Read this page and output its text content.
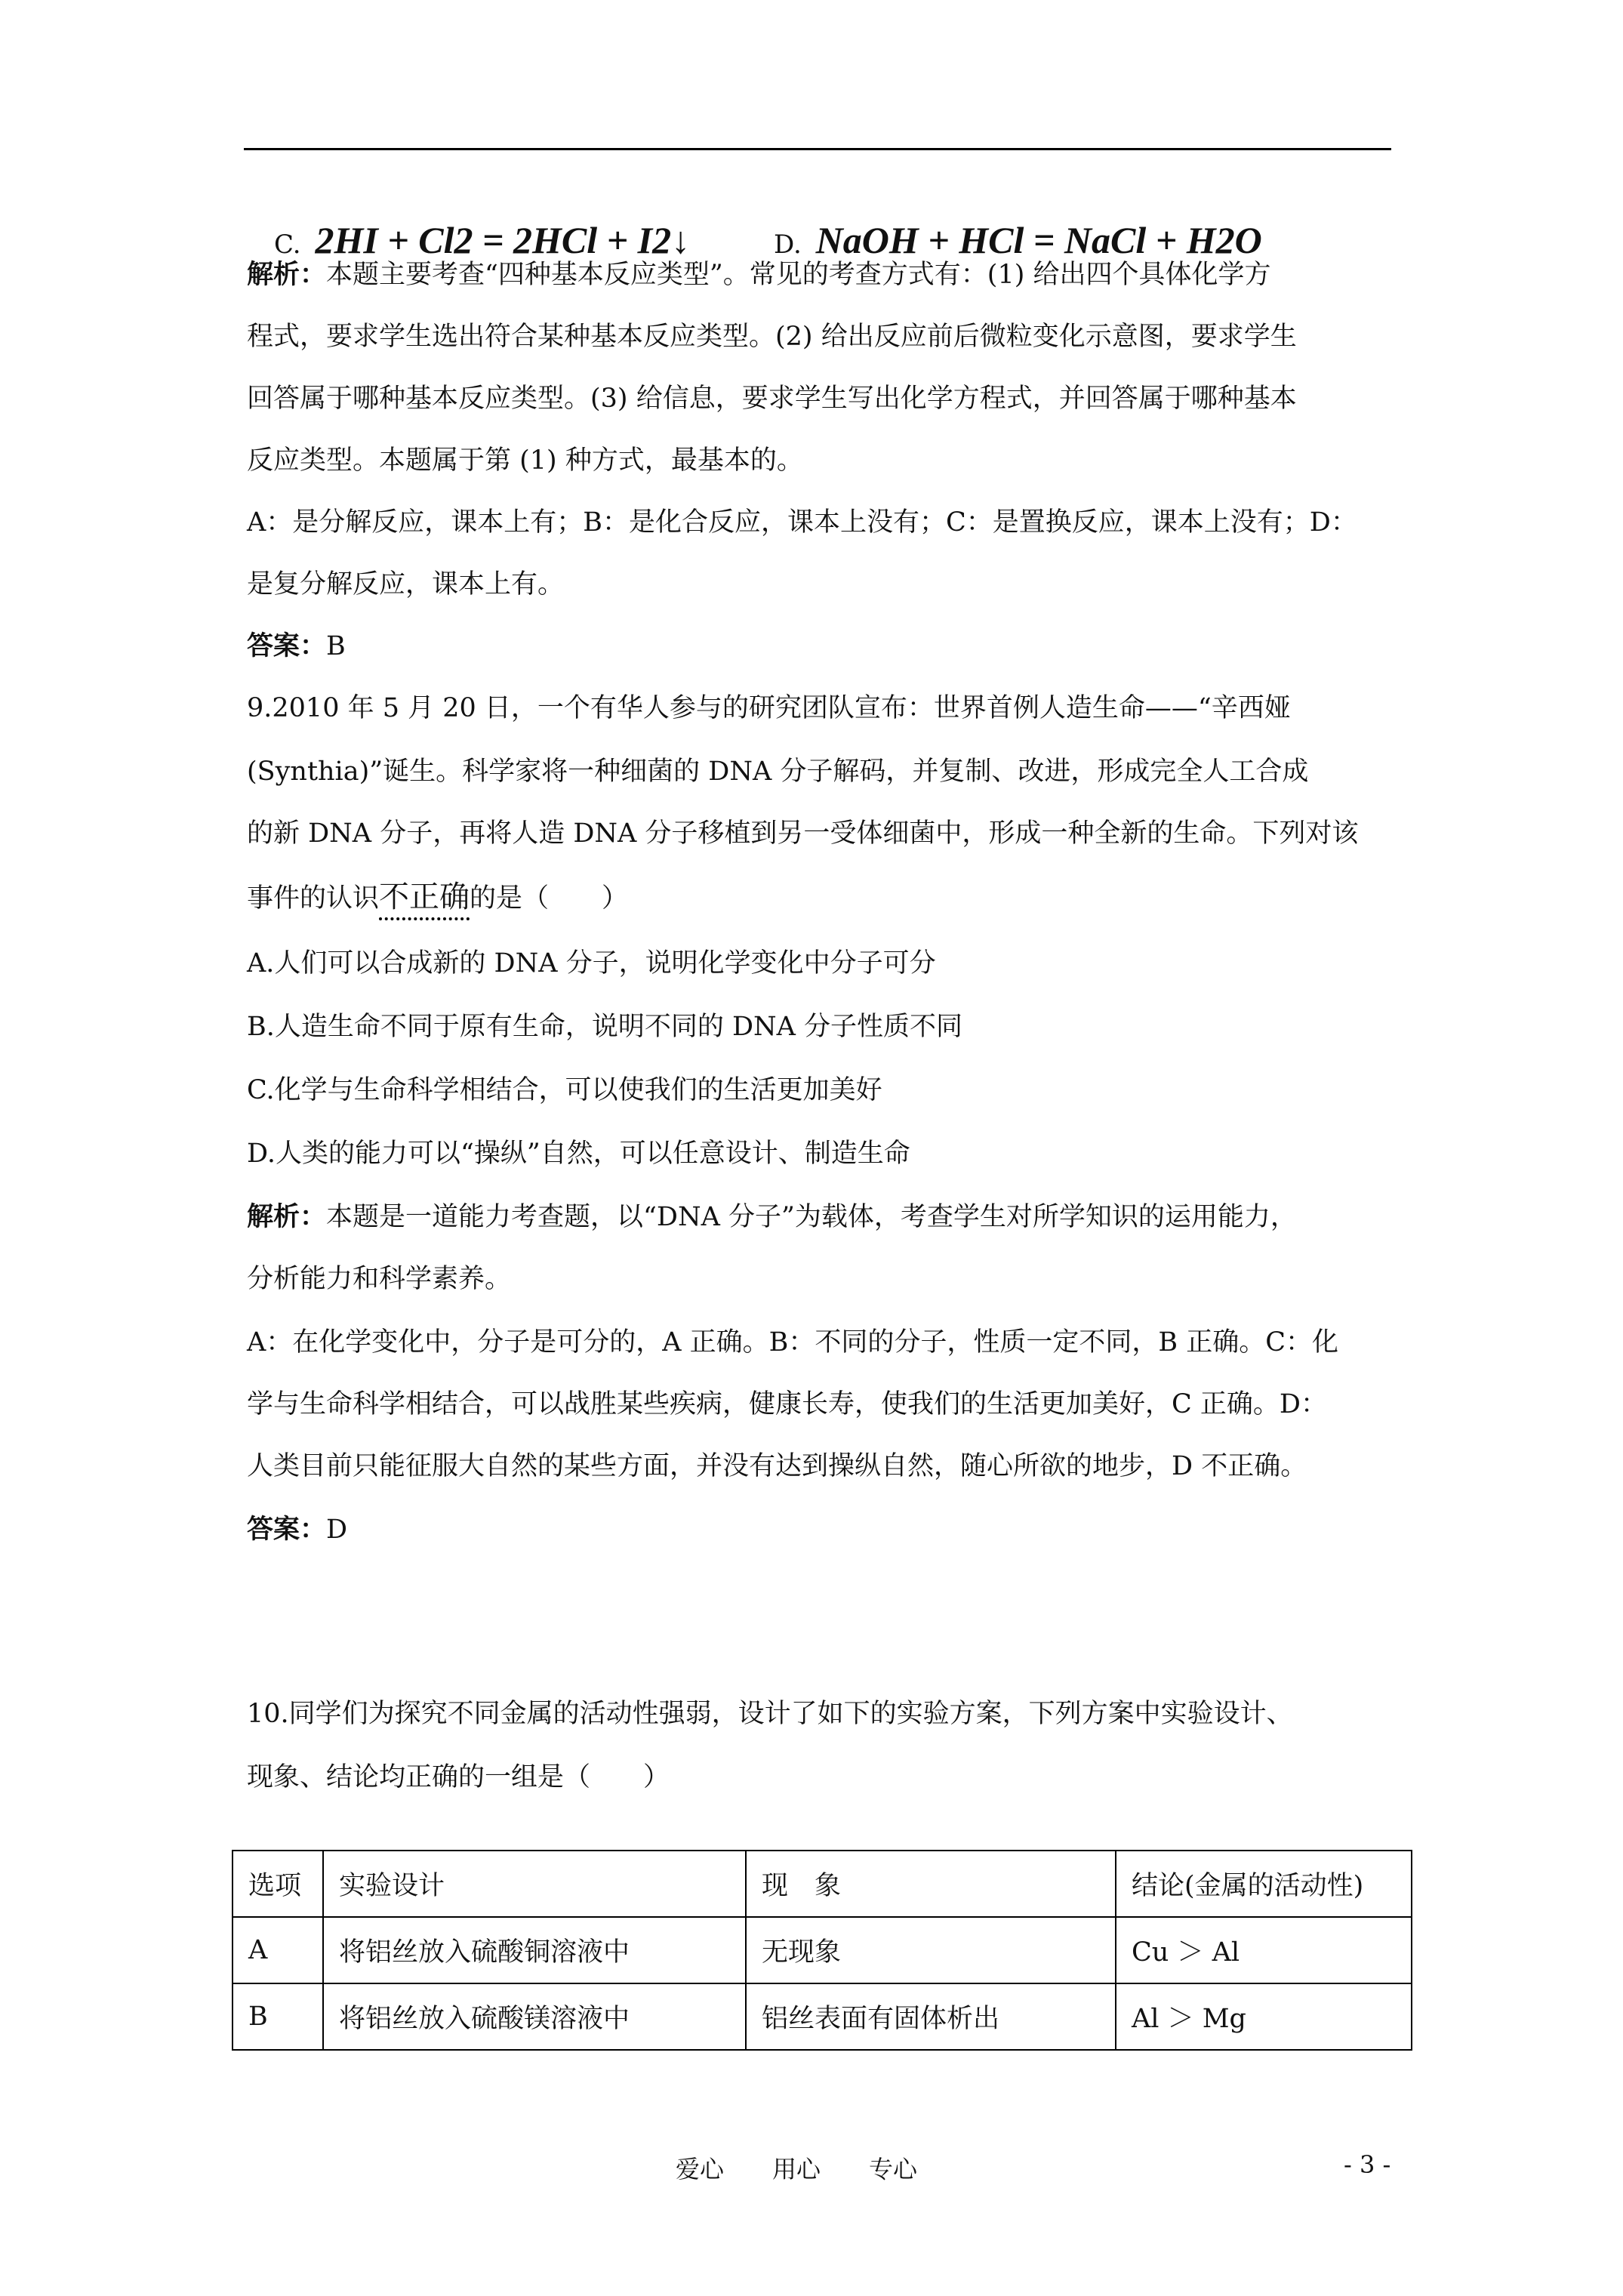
C. 2HI + Cl2 = 2HCl + I2↓	D. NaOH + HCl = NaCl + H2O
解析：本题主要考查“四种基本反应类型”。常见的考查方式有：(1) 给出四个具体化学方
程式，要求学生选出符合某种基本反应类型。(2) 给出反应前后微粒变化示意图，要求学生
回答属于哪种基本反应类型。(3) 给信息，要求学生写出化学方程式，并回答属于哪种基本
反应类型。本题属于第 (1) 种方式，最基本的。
A：是分解反应，课本上有；B：是化合反应，课本上没有；C：是置换反应，课本上没有；D：
是复分解反应，课本上有。
答案：B
9.2010 年 5 月 20 日，一个有华人参与的研究团队宣布：世界首例人造生命——“辛西娅
(Synthia)”诞生。科学家将一种细菌的 DNA 分子解码，并复制、改进，形成完全人工合成
的新 DNA 分子，再将人造 DNA 分子移植到另一受体细菌中，形成一种全新的生命。下列对该
事件的认识不正确的是（　　）
A.人们可以合成新的 DNA 分子，说明化学变化中分子可分
B.人造生命不同于原有生命，说明不同的 DNA 分子性质不同
C.化学与生命科学相结合，可以使我们的生活更加美好
D.人类的能力可以“操纵”自然，可以任意设计、制造生命
解析：本题是一道能力考查题，以“DNA 分子”为载体，考查学生对所学知识的运用能力，
分析能力和科学素养。
A：在化学变化中，分子是可分的，A 正确。B：不同的分子，性质一定不同，B 正确。C：化
学与生命科学相结合，可以战胜某些疾病，健康长寿，使我们的生活更加美好，C 正确。D：
人类目前只能征服大自然的某些方面，并没有达到操纵自然，随心所欲的地步，D 不正确。
答案：D
10.同学们为探究不同金属的活动性强弱，设计了如下的实验方案，下列方案中实验设计、
现象、结论均正确的一组是（　　）
选项	实验设计	现　象	结论(金属的活动性)
A	将铝丝放入硫酸铜溶液中	无现象	Cu ＞ Al
B	将铝丝放入硫酸镁溶液中	铝丝表面有固体析出	Al ＞ Mg
爱心　　用心　　专心	- 3 -
